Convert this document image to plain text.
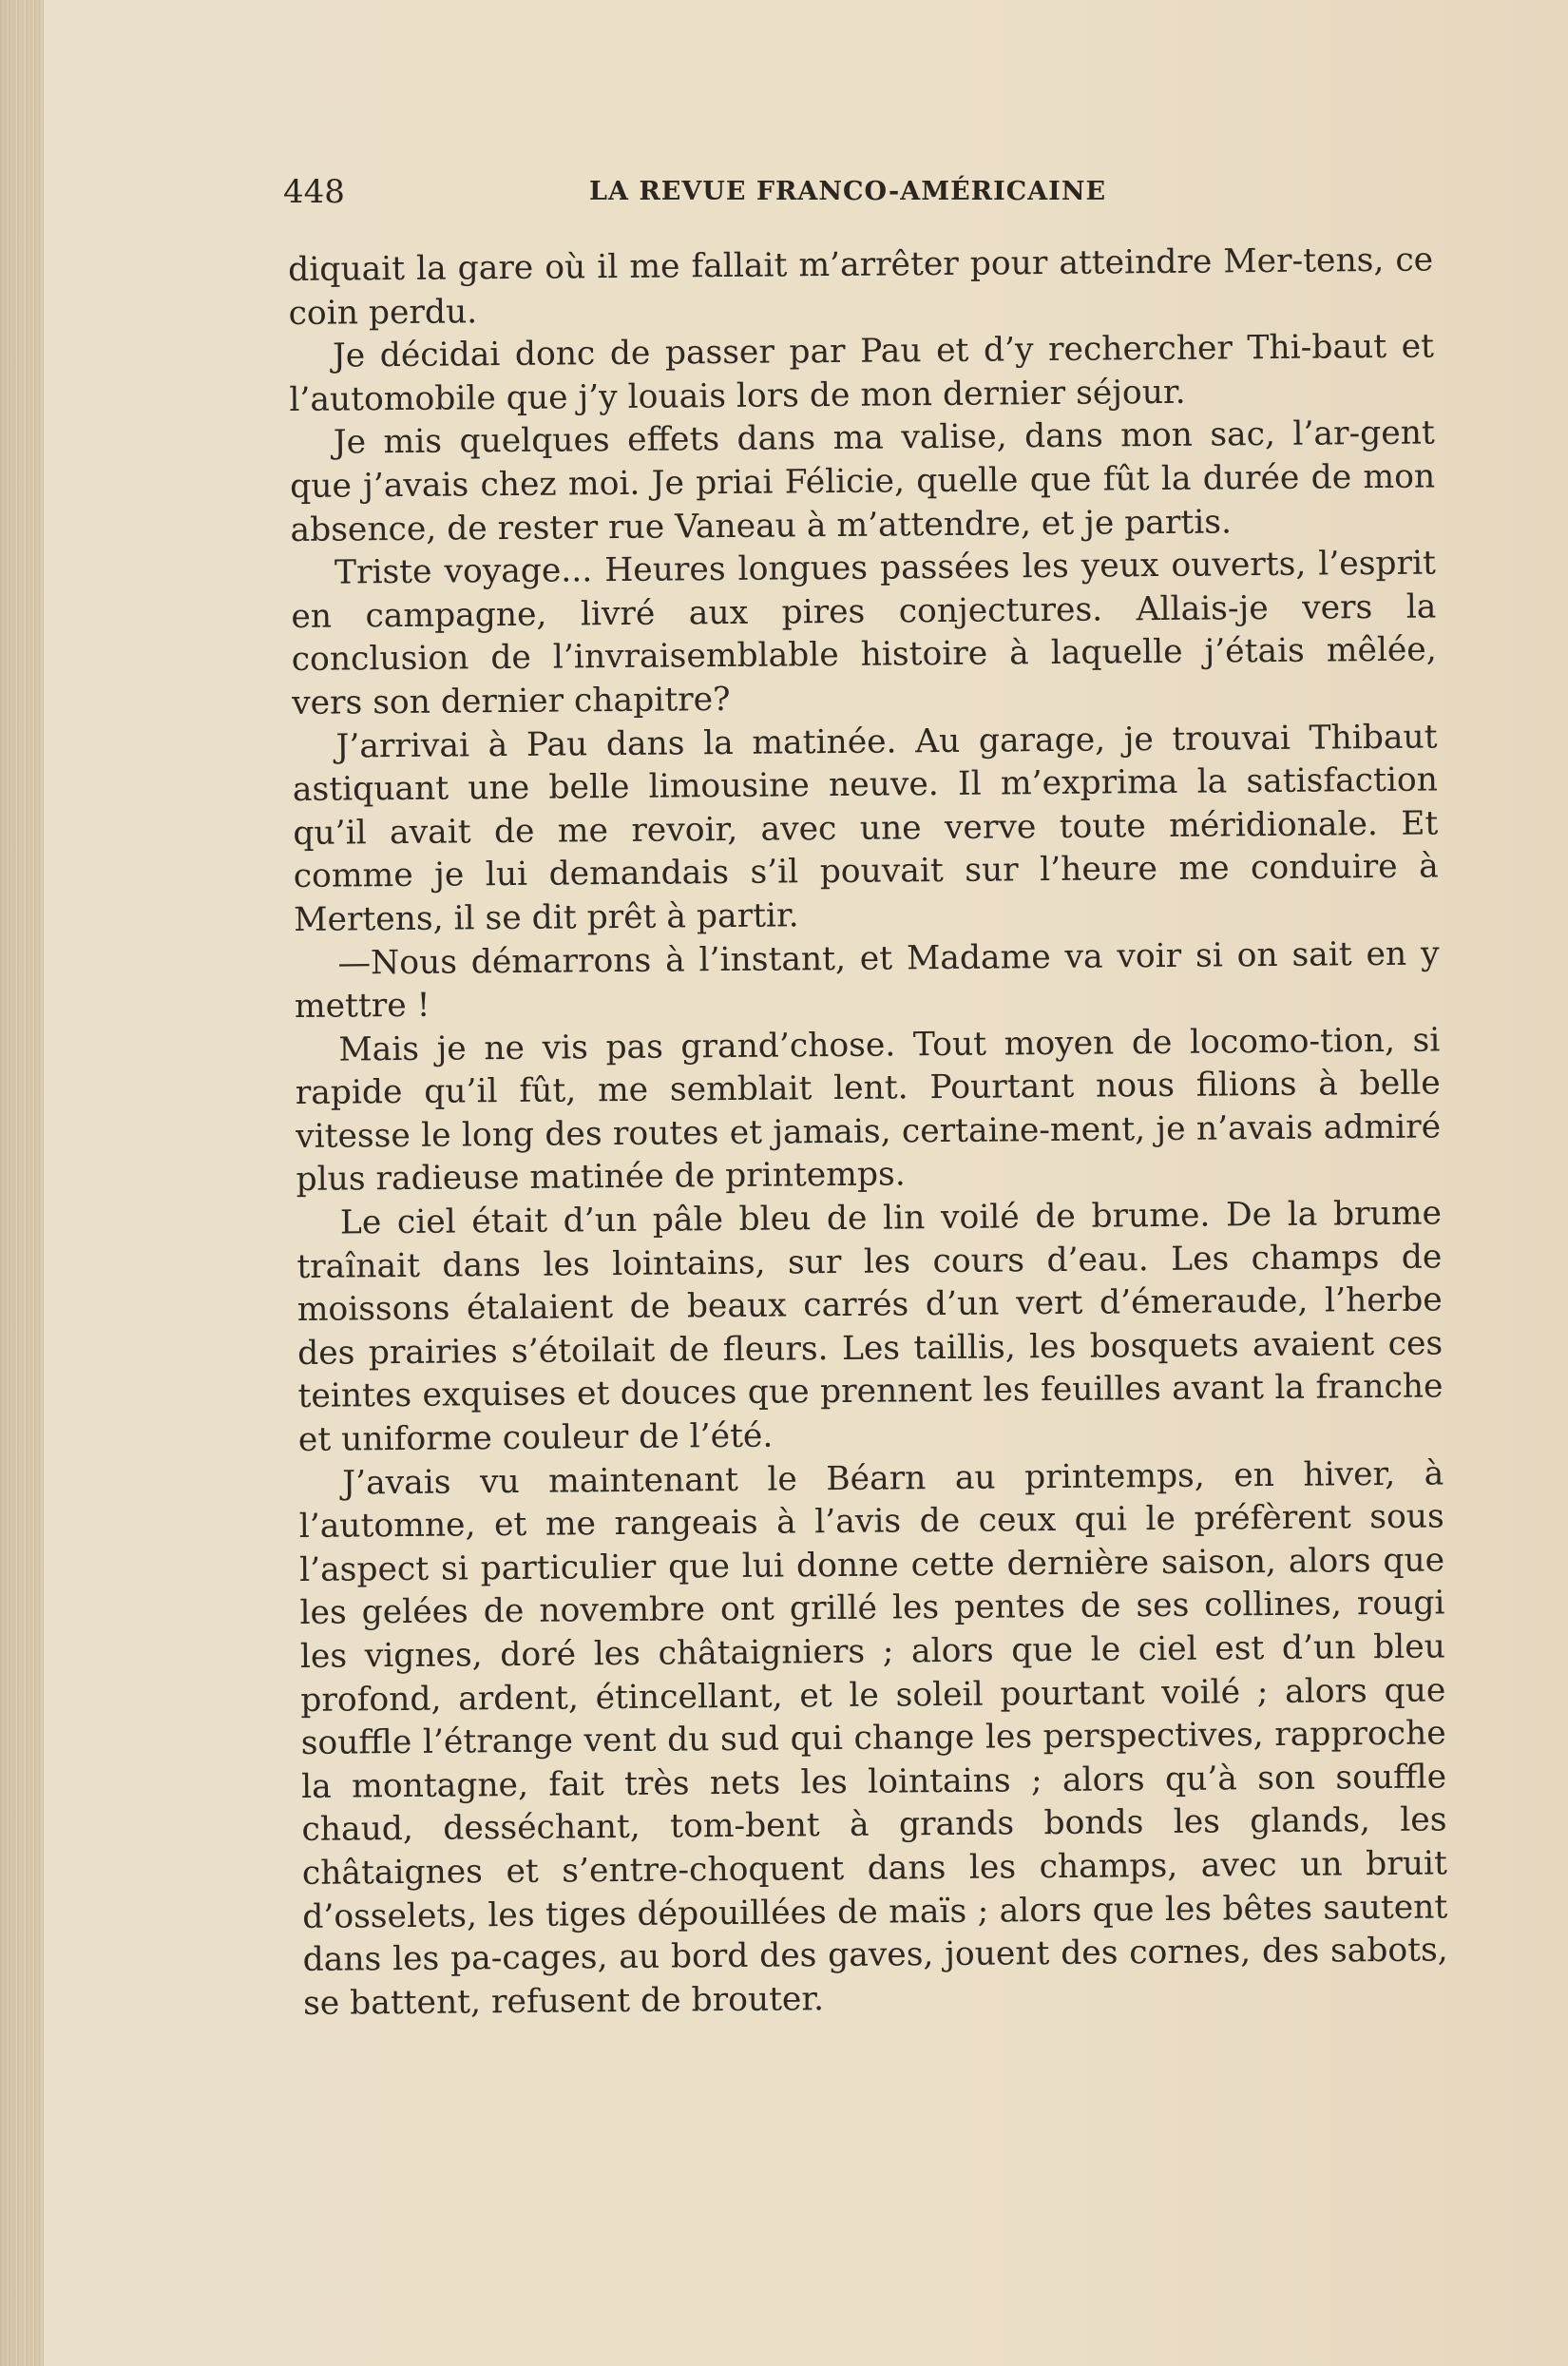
448	LA REVUE FRANCO-AMÉRICAINE

diquait la gare où il me fallait m’arrêter pour atteindre Mer-tens, ce coin perdu.

Je décidai donc de passer par Pau et d’y rechercher Thi-baut et l’automobile que j’y louais lors de mon dernier séjour.

Je mis quelques effets dans ma valise, dans mon sac, l’ar-gent que j’avais chez moi. Je priai Félicie, quelle que fût la durée de mon absence, de rester rue Vaneau à m’attendre, et je partis.

Triste voyage... Heures longues passées les yeux ouverts, l’esprit en campagne, livré aux pires conjectures. Allais-je vers la conclusion de l’invraisemblable histoire à laquelle j’étais mêlée, vers son dernier chapitre?

J’arrivai à Pau dans la matinée. Au garage, je trouvai Thibaut astiquant une belle limousine neuve. Il m’exprima la satisfaction qu’il avait de me revoir, avec une verve toute méridionale. Et comme je lui demandais s’il pouvait sur l’heure me conduire à Mertens, il se dit prêt à partir.

—Nous démarrons à l’instant, et Madame va voir si on sait en y mettre !

Mais je ne vis pas grand’chose. Tout moyen de locomo-tion, si rapide qu’il fût, me semblait lent. Pourtant nous filions à belle vitesse le long des routes et jamais, certaine-ment, je n’avais admiré plus radieuse matinée de printemps.

Le ciel était d’un pâle bleu de lin voilé de brume. De la brume traînait dans les lointains, sur les cours d’eau. Les champs de moissons étalaient de beaux carrés d’un vert d’émeraude, l’herbe des prairies s’étoilait de fleurs. Les taillis, les bosquets avaient ces teintes exquises et douces que prennent les feuilles avant la franche et uniforme couleur de l’été.

J’avais vu maintenant le Béarn au printemps, en hiver, à l’automne, et me rangeais à l’avis de ceux qui le préfèrent sous l’aspect si particulier que lui donne cette dernière saison, alors que les gelées de novembre ont grillé les pentes de ses collines, rougi les vignes, doré les châtaigniers ; alors que le ciel est d’un bleu profond, ardent, étincellant, et le soleil pourtant voilé ; alors que souffle l’étrange vent du sud qui change les perspectives, rapproche la montagne, fait très nets les lointains ; alors qu’à son souffle chaud, desséchant, tom-bent à grands bonds les glands, les châtaignes et s’entre-choquent dans les champs, avec un bruit d’osselets, les tiges dépouillées de maïs ; alors que les bêtes sautent dans les pa-cages, au bord des gaves, jouent des cornes, des sabots, se battent, refusent de brouter.
